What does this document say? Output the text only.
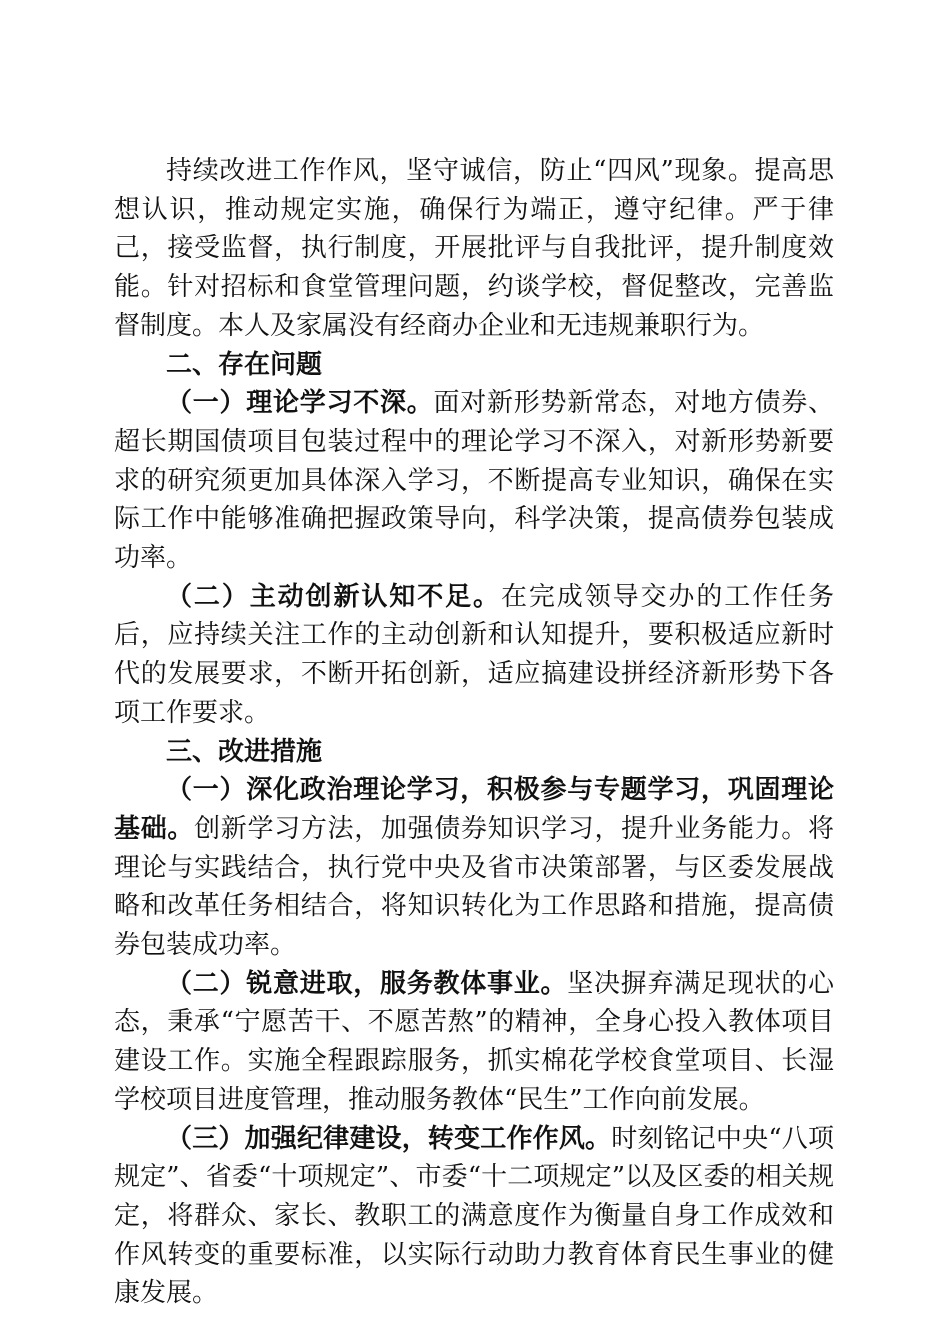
持续改进工作作风，坚守诚信，防止“四风”现象。提高思想认识，推动规定实施，确保行为端正，遵守纪律。严于律己，接受监督，执行制度，开展批评与自我批评，提升制度效能。针对招标和食堂管理问题，约谈学校，督促整改，完善监督制度。本人及家属没有经商办企业和无违规兼职行为。

二、存在问题

（一）理论学习不深。面对新形势新常态，对地方债券、超长期国债项目包装过程中的理论学习不深入，对新形势新要求的研究须更加具体深入学习，不断提高专业知识，确保在实际工作中能够准确把握政策导向，科学决策，提高债券包装成功率。

（二）主动创新认知不足。在完成领导交办的工作任务后，应持续关注工作的主动创新和认知提升，要积极适应新时代的发展要求，不断开拓创新，适应搞建设拼经济新形势下各项工作要求。

三、改进措施

（一）深化政治理论学习，积极参与专题学习，巩固理论基础。创新学习方法，加强债券知识学习，提升业务能力。将理论与实践结合，执行党中央及省市决策部署，与区委发展战略和改革任务相结合，将知识转化为工作思路和措施，提高债券包装成功率。

（二）锐意进取，服务教体事业。坚决摒弃满足现状的心态，秉承“宁愿苦干、不愿苦熬”的精神，全身心投入教体项目建设工作。实施全程跟踪服务，抓实棉花学校食堂项目、长湿学校项目进度管理，推动服务教体“民生”工作向前发展。

（三）加强纪律建设，转变工作作风。时刻铭记中央“八项规定”、省委“十项规定”、市委“十二项规定”以及区委的相关规定，将群众、家长、教职工的满意度作为衡量自身工作成效和作风转变的重要标准，以实际行动助力教育体育民生事业的健康发展。
